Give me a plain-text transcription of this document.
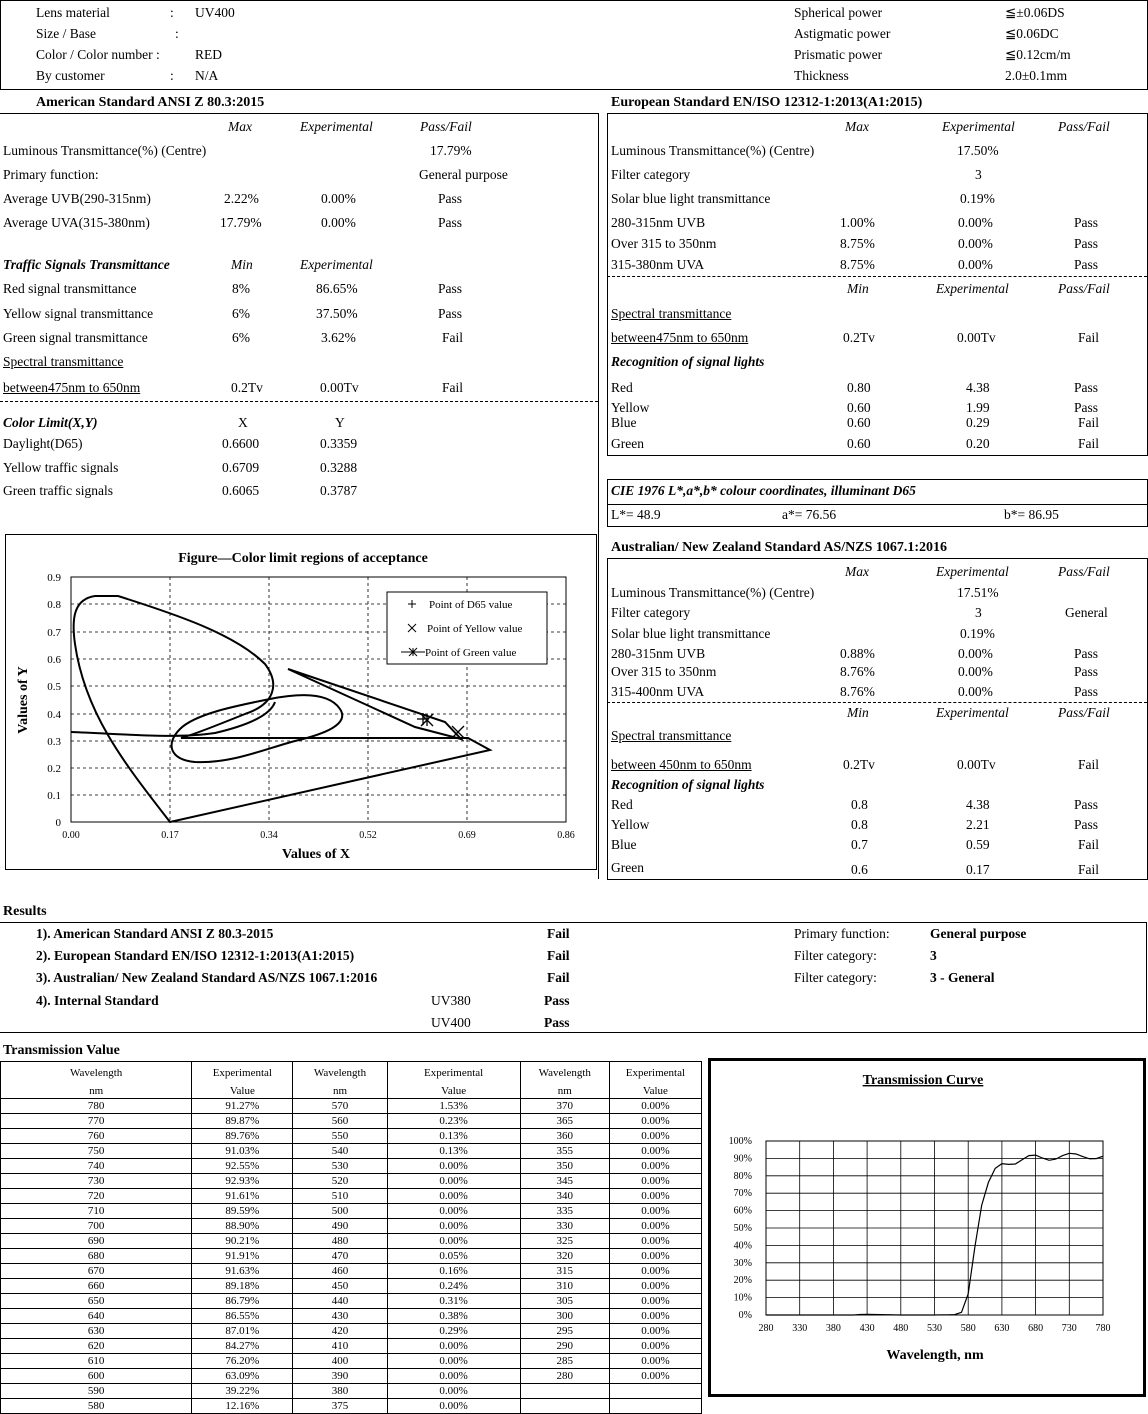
Lens material	: UV400
Size / Base	:
Color / Color number :	RED
By customer	: N/A
Spherical power	≦±0.06DS
Astigmatic power	≦0.06DC
Prismatic power	≦0.12cm/m
Thickness	2.0±0.1mm
American Standard ANSI Z 80.3:2015
Max	Experimental	Pass/Fail
Luminous Transmittance(%) (Centre)	17.79%
Primary function:	General purpose
Average UVB(290-315nm)	2.22%	0.00%	Pass
Average UVA(315-380nm)	17.79%	0.00%	Pass
Traffic Signals Transmittance	Min	Experimental
Red signal transmittance	8%	86.65%	Pass
Yellow signal transmittance	6%	37.50%	Pass
Green signal transmittance	6%	3.62%	Fail
Spectral transmittance
between475nm to 650nm	0.2Tv	0.00Tv	Fail
Color Limit(X,Y)	X	Y
Daylight(D65)	0.6600	0.3359
Yellow traffic signals	0.6709	0.3288
Green traffic signals	0.6065	0.3787
Figure—Color limit regions of acceptance
0
0.1
0.2
0.3
0.4
0.5
0.6
0.7
0.8
0.9
0.00	0.17	0.34	0.52	0.69	0.86
Values of X
Values of Y
Point of D65 value
Point of Yellow value
Point of Green value
European Standard EN/ISO 12312-1:2013(A1:2015)
Max	Experimental	Pass/Fail
Luminous Transmittance(%) (Centre)	17.50%
Filter category	3
Solar blue light transmittance	0.19%
280-315nm UVB	1.00%	0.00%	Pass
Over 315 to 350nm	8.75%	0.00%	Pass
315-380nm UVA	8.75%	0.00%	Pass
Min	Experimental	Pass/Fail
Spectral transmittance
between475nm to 650nm	0.2Tv	0.00Tv	Fail
Recognition of signal lights
Red	0.80	4.38	Pass
Yellow	0.60	1.99	Pass
Blue	0.60	0.29	Fail
Green	0.60	0.20	Fail
CIE 1976 L*,a*,b* colour coordinates, illuminant D65
L*= 48.9	a*= 76.56	b*= 86.95
Australian/ New Zealand Standard AS/NZS 1067.1:2016
Max	Experimental	Pass/Fail
Luminous Transmittance(%) (Centre)	17.51%
Filter category	3	General
Solar blue light transmittance	0.19%
280-315nm UVB	0.88%	0.00%	Pass
Over 315 to 350nm	8.76%	0.00%	Pass
315-400nm UVA	8.76%	0.00%	Pass
Min	Experimental	Pass/Fail
Spectral transmittance
between 450nm to 650nm	0.2Tv	0.00Tv	Fail
Recognition of signal lights
Red	0.8	4.38	Pass
Yellow	0.8	2.21	Pass
Blue	0.7	0.59	Fail
Green	0.6	0.17	Fail
Results
1). American Standard ANSI Z 80.3-2015	Fail
2). European Standard EN/ISO 12312-1:2013(A1:2015)	Fail
3). Australian/ New Zealand Standard AS/NZS 1067.1:2016	Fail
4). Internal Standard	UV380	Pass
UV400	Pass
Primary function:	General purpose
Filter category:	3
Filter category:	3 - General
Transmission Value
Wavelength	Experimental	Wavelength	Experimental	Wavelength	Experimental
nm	Value	nm	Value	nm	Value
780	91.27%	570	1.53%	370	0.00%
770	89.87%	560	0.23%	365	0.00%
760	89.76%	550	0.13%	360	0.00%
750	91.03%	540	0.13%	355	0.00%
740	92.55%	530	0.00%	350	0.00%
730	92.93%	520	0.00%	345	0.00%
720	91.61%	510	0.00%	340	0.00%
710	89.59%	500	0.00%	335	0.00%
700	88.90%	490	0.00%	330	0.00%
690	90.21%	480	0.00%	325	0.00%
680	91.91%	470	0.05%	320	0.00%
670	91.63%	460	0.16%	315	0.00%
660	89.18%	450	0.24%	310	0.00%
650	86.79%	440	0.31%	305	0.00%
640	86.55%	430	0.38%	300	0.00%
630	87.01%	420	0.29%	295	0.00%
620	84.27%	410	0.00%	290	0.00%
610	76.20%	400	0.00%	285	0.00%
600	63.09%	390	0.00%	280	0.00%
590	39.22%	380	0.00%		
580	12.16%	375	0.00%		
Transmission Curve
0%
10%
20%
30%
40%
50%
60%
70%
80%
90%
100%
280 330 380 430 480 530 580 630 680 730 780
Wavelength, nm
